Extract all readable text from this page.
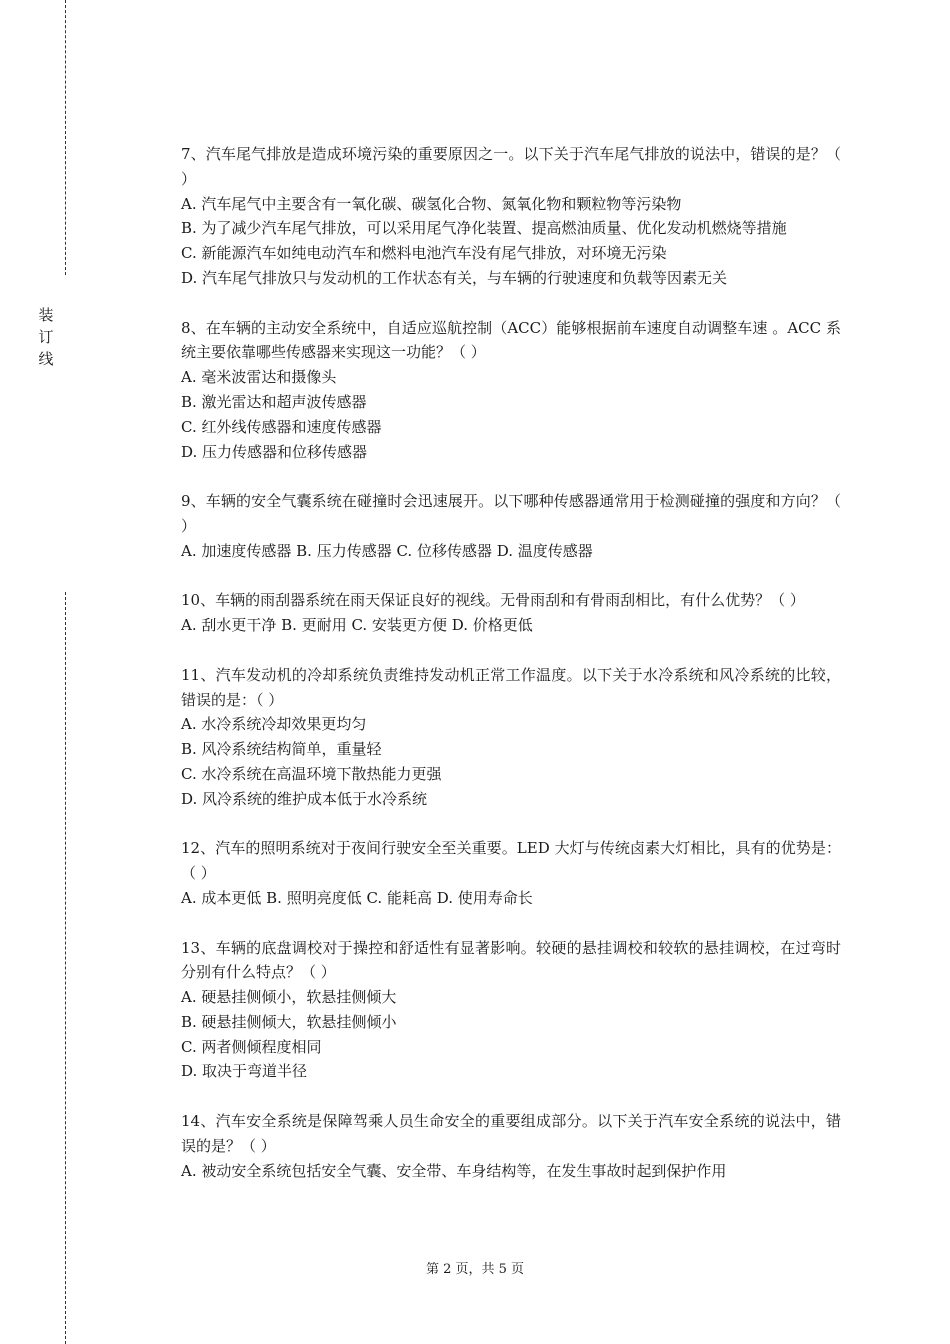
装
订
线

7、汽车尾气排放是造成环境污染的重要原因之一。以下关于汽车尾气排放的说法中，错误的是？（ ）

A. 汽车尾气中主要含有一氧化碳、碳氢化合物、氮氧化物和颗粒物等污染物

B. 为了减少汽车尾气排放，可以采用尾气净化装置、提高燃油质量、优化发动机燃烧等措施

C. 新能源汽车如纯电动汽车和燃料电池汽车没有尾气排放，对环境无污染

D. 汽车尾气排放只与发动机的工作状态有关，与车辆的行驶速度和负载等因素无关

8、在车辆的主动安全系统中，自适应巡航控制（ACC）能够根据前车速度自动调整车速 。ACC 系统主要依靠哪些传感器来实现这一功能？（ ）

A. 毫米波雷达和摄像头

B. 激光雷达和超声波传感器

C. 红外线传感器和速度传感器

D. 压力传感器和位移传感器

9、车辆的安全气囊系统在碰撞时会迅速展开。以下哪种传感器通常用于检测碰撞的强度和方向？（ ）

A. 加速度传感器 B. 压力传感器 C. 位移传感器 D. 温度传感器

10、车辆的雨刮器系统在雨天保证良好的视线。无骨雨刮和有骨雨刮相比，有什么优势？（ ）

A. 刮水更干净 B. 更耐用 C. 安装更方便 D. 价格更低

11、汽车发动机的冷却系统负责维持发动机正常工作温度。以下关于水冷系统和风冷系统的比较，错误的是：（ ）

A. 水冷系统冷却效果更均匀

B. 风冷系统结构简单，重量轻

C. 水冷系统在高温环境下散热能力更强

D. 风冷系统的维护成本低于水冷系统

12、汽车的照明系统对于夜间行驶安全至关重要。LED 大灯与传统卤素大灯相比，具有的优势是：（ ）

A. 成本更低 B. 照明亮度低 C. 能耗高 D. 使用寿命长

13、车辆的底盘调校对于操控和舒适性有显著影响。较硬的悬挂调校和较软的悬挂调校，在过弯时分别有什么特点？（ ）

A. 硬悬挂侧倾小，软悬挂侧倾大

B. 硬悬挂侧倾大，软悬挂侧倾小

C. 两者侧倾程度相同

D. 取决于弯道半径

14、汽车安全系统是保障驾乘人员生命安全的重要组成部分。以下关于汽车安全系统的说法中，错误的是？（ ）

A. 被动安全系统包括安全气囊、安全带、车身结构等，在发生事故时起到保护作用

第 2 页，共 5 页
